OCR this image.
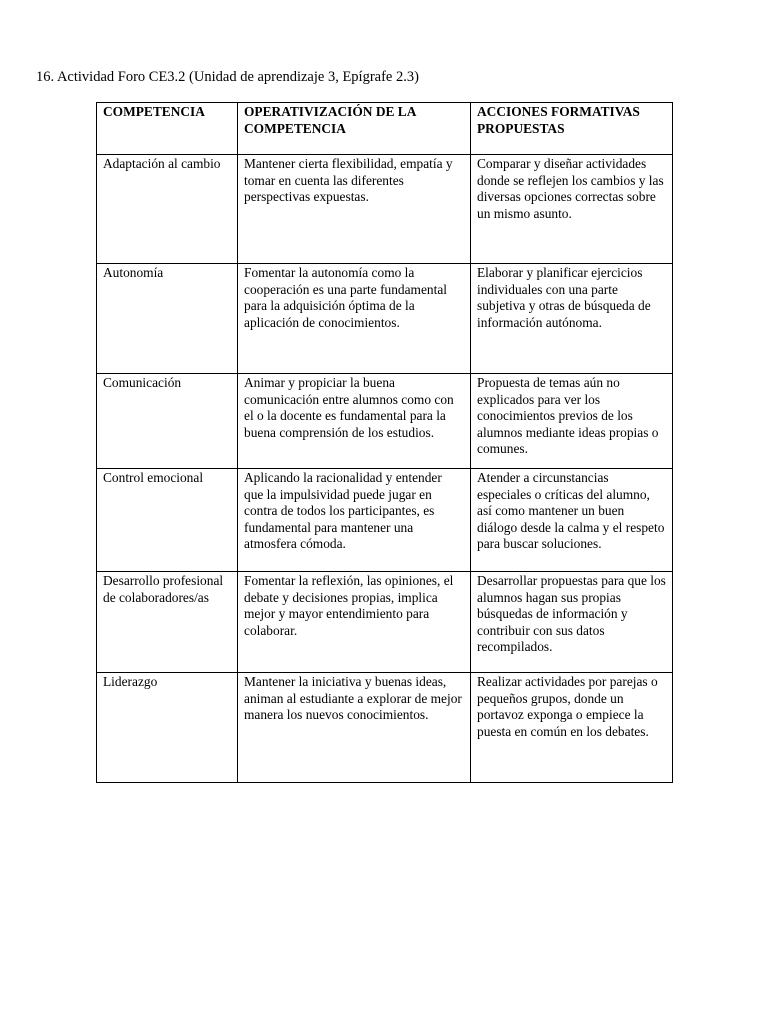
16. Actividad Foro CE3.2 (Unidad de aprendizaje 3, Epígrafe 2.3)
COMPETENCIA	OPERATIVIZACIÓN DE LA COMPETENCIA	ACCIONES FORMATIVAS PROPUESTAS
Adaptación al cambio	Mantener cierta flexibilidad, empatía y tomar en cuenta las diferentes perspectivas expuestas.	Comparar y diseñar actividades donde se reflejen los cambios y las diversas opciones correctas sobre un mismo asunto.
Autonomía	Fomentar la autonomía como la cooperación es una parte fundamental para la adquisición óptima de la aplicación de conocimientos.	Elaborar y planificar ejercicios individuales con una parte subjetiva y otras de búsqueda de información autónoma.
Comunicación	Animar y propiciar la buena comunicación entre alumnos como con el o la docente es fundamental para la buena comprensión de los estudios.	Propuesta de temas aún no explicados para ver los conocimientos previos de los alumnos mediante ideas propias o comunes.
Control emocional	Aplicando la racionalidad y entender que la impulsividad puede jugar en contra de todos los participantes, es fundamental para mantener una atmosfera cómoda.	Atender a circunstancias especiales o críticas del alumno, así como mantener un buen diálogo desde la calma y el respeto para buscar soluciones.
Desarrollo profesional de colaboradores/as	Fomentar la reflexión, las opiniones, el debate y decisiones propias, implica mejor y mayor entendimiento para colaborar.	Desarrollar propuestas para que los alumnos hagan sus propias búsquedas de información y contribuir con sus datos recompilados.
Liderazgo	Mantener la iniciativa y buenas ideas, animan al estudiante a explorar de mejor manera los nuevos conocimientos.	Realizar actividades por parejas o pequeños grupos, donde un portavoz exponga o empiece la puesta en común en los debates.
